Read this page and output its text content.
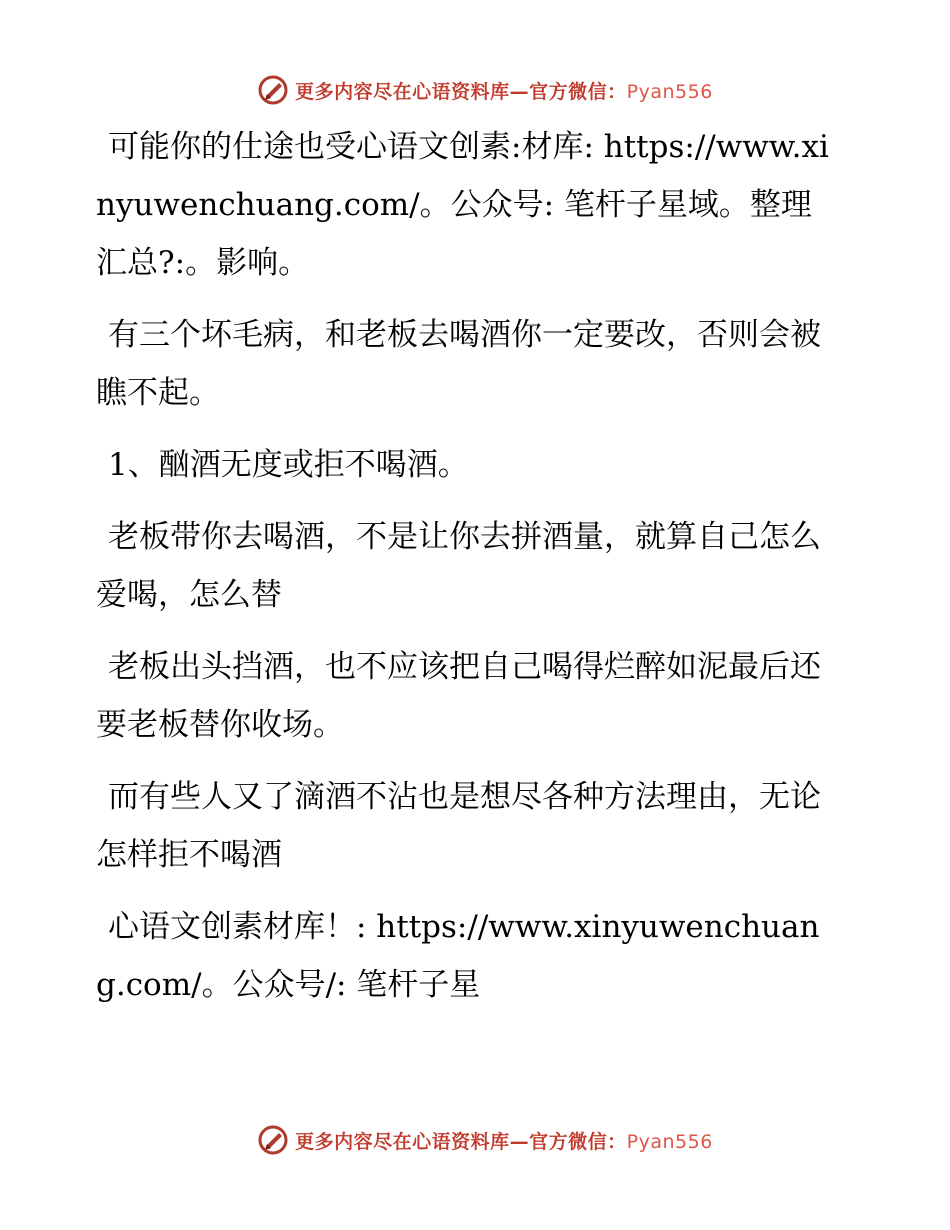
更多内容尽在心语资料库—官方微信：Pyan556

可能你的仕途也受心语文创素:材库: https://www.xinyuwenchuang.com/。公众号: 笔杆子星域。整理汇总?:。影响。

有三个坏毛病，和老板去喝酒你一定要改，否则会被瞧不起。

1、酗酒无度或拒不喝酒。

老板带你去喝酒，不是让你去拼酒量，就算自己怎么爱喝，怎么替

老板出头挡酒，也不应该把自己喝得烂醉如泥最后还要老板替你收场。

而有些人又了滴酒不沾也是想尽各种方法理由，无论怎样拒不喝酒

心语文创素材库！: https://www.xinyuwenchuang.com/。公众号/: 笔杆子星

更多内容尽在心语资料库—官方微信：Pyan556
